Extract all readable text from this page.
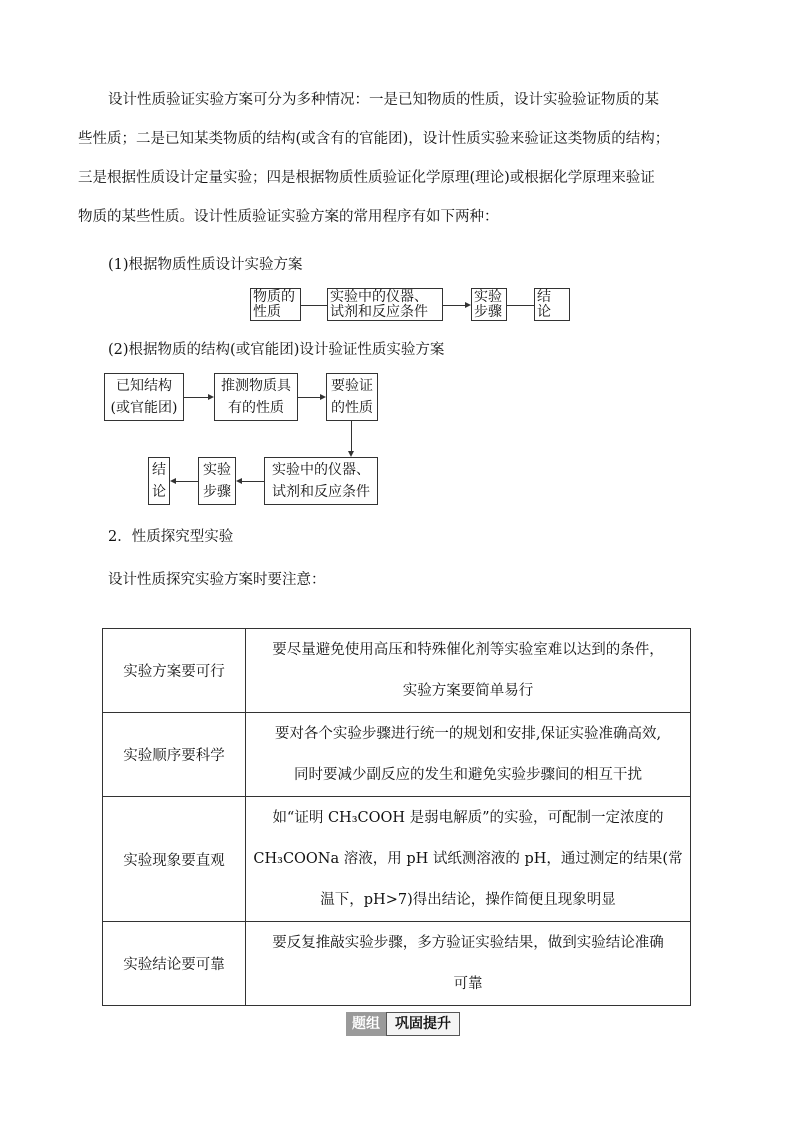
设计性质验证实验方案可分为多种情况：一是已知物质的性质，设计实验验证物质的某
些性质；二是已知某类物质的结构(或含有的官能团)，设计性质实验来验证这类物质的结构；
三是根据性质设计定量实验；四是根据物质性质验证化学原理(理论)或根据化学原理来验证
物质的某些性质。设计性质验证实验方案的常用程序有如下两种：
(1)根据物质性质设计实验方案
物质的
性质
实验中的仪器、
试剂和反应条件
实验
步骤
结
论
(2)根据物质的结构(或官能团)设计验证性质实验方案
已知结构
(或官能团)
推测物质具
有的性质
要验证
的性质
实验中的仪器、
试剂和反应条件
实验
步骤
结
论
2．性质探究型实验
设计性质探究实验方案时要注意：
实验方案要可行	要尽量避免使用高压和特殊催化剂等实验室难以达到的条件，
实验方案要简单易行

实验顺序要科学	要对各个实验步骤进行统一的规划和安排,保证实验准确高效,
同时要减少副反应的发生和避免实验步骤间的相互干扰

实验现象要直观	如“证明 CH₃COOH 是弱电解质”的实验，可配制一定浓度的
CH₃COONa 溶液，用 pH 试纸测溶液的 pH，通过测定的结果(常
温下，pH>7)得出结论，操作简便且现象明显

实验结论要可靠	要反复推敲实验步骤，多方验证实验结果，做到实验结论准确
可靠
题组	巩固提升
